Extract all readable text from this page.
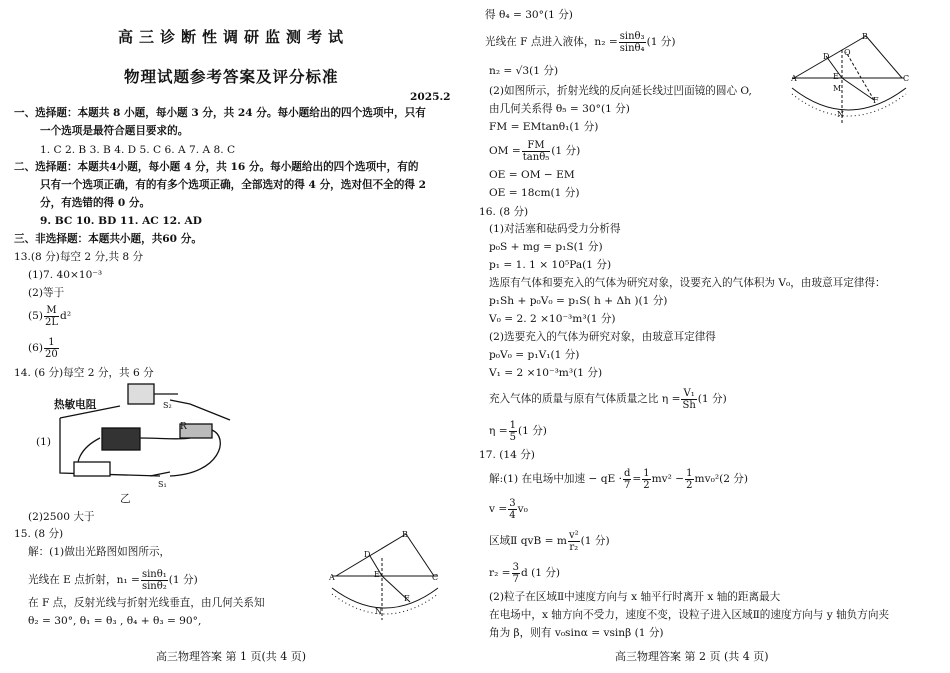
高三诊断性调研监测考试
物理试题参考答案及评分标准
2025.2
一、选择题：本题共 8 小题，每小题 3 分，共 24 分。每小题给出的四个选项中，只有
一个选项是最符合题目要求的。
1. C 2. B 3. B 4. D 5. C 6. A 7. A 8. C
二、选择题：本题共4小题，每小题 4 分，共 16 分。每小题给出的四个选项中，有的
只有一个选项正确，有的有多个选项正确，全部选对的得 4 分，选对但不全的得 2
分，有选错的得 0 分。
9. BC 10. BD 11. AC 12. AD
三、非选择题：本题共小题，共60 分。
13.(8 分)每空 2 分,共 8 分
(1)7. 40×10⁻³
(2)等于
$(5) \frac{M}{2L} d^2$
$(6) \frac{1}{20}$
14. (6 分)每空 2 分，共 6 分
热敏电阻
(1)
S₂
S₁
R
乙
(2)2500 大于
15. (8 分)
解：(1)做出光路图如图所示，
光线在 E 点折射，$n_1 = \frac{\text{sinθ₁}}{\text{sinθ₂}} (1$ 分)
在 F 点，反射光线与折射光线垂直，由几何关系知
θ₂ = 30°, θ₁ = θ₃ , θ₄ + θ₃ = 90°,
A
B
C
D
E
F
N
高三物理答案 第 1 页(共 4 页)
得 θ₄ = 30°(1 分)
光线在 F 点进入液体，$n_2 = \frac{\text{sinθ₃}}{\text{sinθ₄}} (1$ 分)
n₂ = √3(1 分)
(2)如图所示，折射光线的反向延长线过凹面镜的圆心 O,
由几何关系得 θ₅ = 30°(1 分)
FM = EMtanθ₁(1 分)
OM = $\frac{FM}{\text{tanθ₅}} (1$ 分)
OE = OM − EM
OE = 18cm(1 分)
A
B
C
D
E
F
O
M
N
16. (8 分)
(1)对活塞和砝码受力分析得
p₀S + mg = p₁S(1 分)
p₁ = 1. 1 × 10⁵Pa(1 分)
选原有气体和要充入的气体为研究对象，设要充入的气体积为 V₀，由玻意耳定律得：
p₁Sh + p₀V₀ = p₁S( h + Δh )(1 分)
V₀ = 2. 2 ×10⁻³m³(1 分)
(2)选要充入的气体为研究对象，由玻意耳定律得
p₀V₀ = p₁V₁(1 分)
V₁ = 2 ×10⁻³m³(1 分)
充入气体的质量与原有气体质量之比 $\eta = \frac{\text{V₁}}{Sh} (1$ 分)
$\eta = \frac{1}{5} (1$ 分)
17. (14 分)
解:(1) 在电场中加速 − qE · $\frac{d}{7} = \frac{1}{2} mv^2 - \frac{1}{2} mv_0^2(2$ 分)
$v = \frac{3}{4} v_0$
区域Ⅱ qvB = m $\frac{\text{v²}}{\text{r₂}} (1$ 分)
$r_2 = \frac{3}{7}$ d (1 分)
(2)粒子在区域Ⅱ中速度方向与 x 轴平行时离开 x 轴的距离最大
在电场中，x 轴方向不受力，速度不变，设粒子进入区域Ⅱ的速度方向与 y 轴负方向夹
角为 β，则有 v₀sinα = vsinβ (1 分)
高三物理答案 第 2 页 (共 4 页)
